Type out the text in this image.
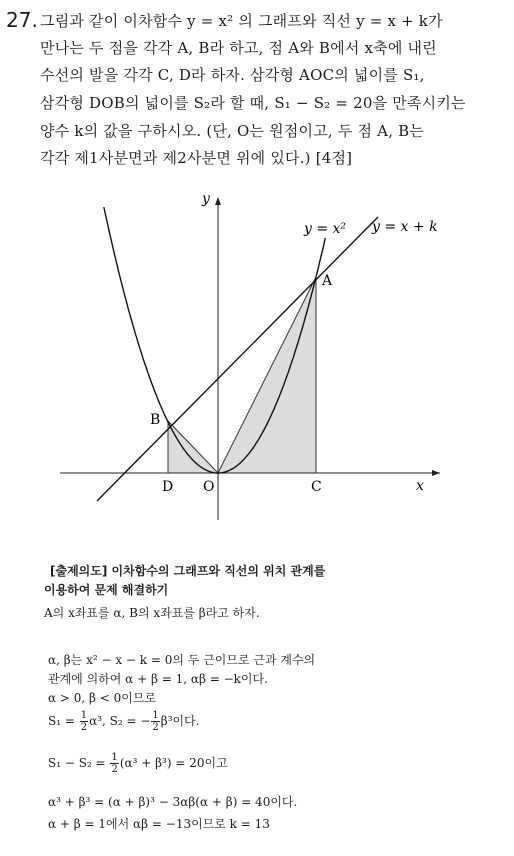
27. 그림과 같이 이차함수 y = x² 의 그래프와 직선 y = x + k가
만나는 두 점을 각각 A, B라 하고, 점 A와 B에서 x축에 내린
수선의 발을 각각 C, D라 하자. 삼각형 AOC의 넓이를 S₁,
삼각형 DOB의 넓이를 S₂라 할 때, S₁ − S₂ = 20을 만족시키는
양수 k의 값을 구하시오. (단, O는 원점이고, 두 점 A, B는
각각 제1사분면과 제2사분면 위에 있다.) [4점]
y
x
y = x² y = x + k
A
B
C
D O
[출제의도] 이차함수의 그래프와 직선의 위치 관계를
이용하여 문제 해결하기
A의 x좌표를 α, B의 x좌표를 β라고 하자.
α, β는 x² − x − k = 0의 두 근이므로 근과 계수의
관계에 의하여 α + β = 1, αβ = −k이다.
α > 0, β < 0이므로
$S_1 = \frac{1}{2} \alpha^3$, S₂ = − $\frac{1}{2} \beta^3$이다.
$S_1 - S_2 = \frac{1}{2} (\alpha^3 + \beta^3) = 20$이고
α³ + β³ = (α + β)³ − 3αβ(α + β) = 40이다.
α + β = 1에서 αβ = −13이므로 k = 13
